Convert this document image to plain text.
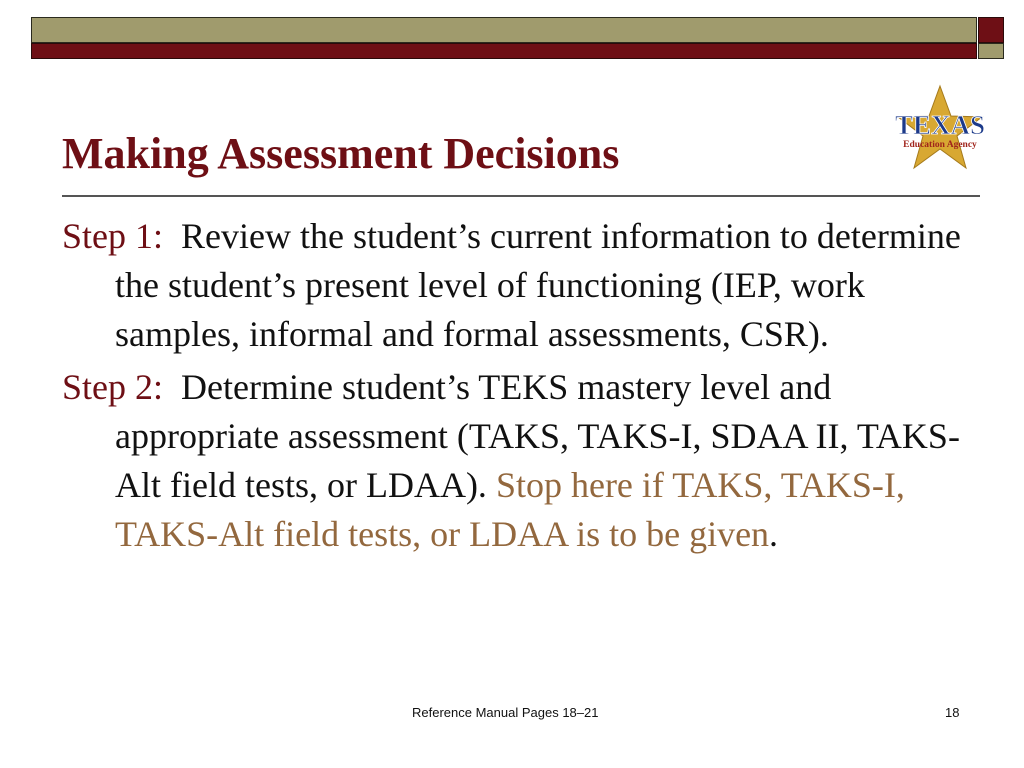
Making Assessment Decisions
TEXAS
Education Agency

Step 1: Review the student’s current information to determine the student’s present level of functioning (IEP, work samples, informal and formal assessments, CSR).

Step 2: Determine student’s TEKS mastery level and appropriate assessment (TAKS, TAKS-I, SDAA II, TAKS-Alt field tests, or LDAA). Stop here if TAKS, TAKS-I, TAKS-Alt field tests, or LDAA is to be given.

Reference Manual Pages 18–21	18
